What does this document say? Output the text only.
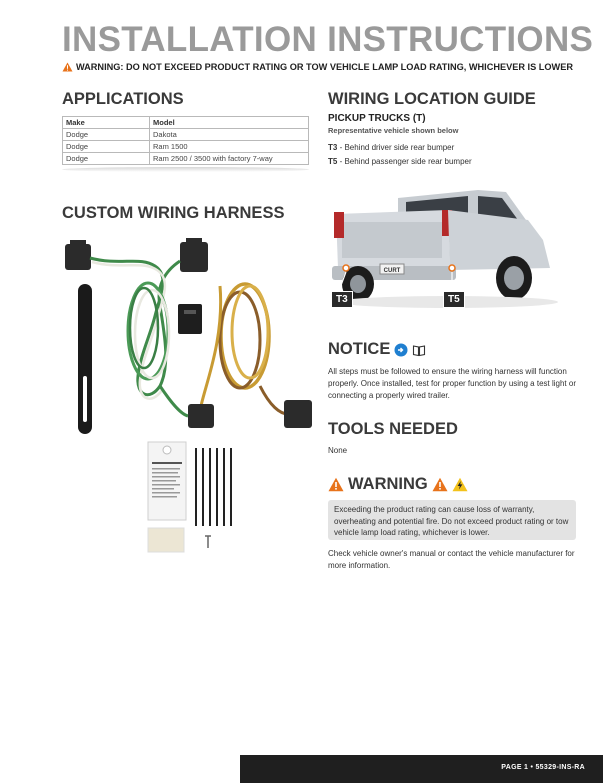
INSTALLATION INSTRUCTIONS
WARNING: DO NOT EXCEED PRODUCT RATING OR TOW VEHICLE LAMP LOAD RATING, WHICHEVER IS LOWER
APPLICATIONS
Make	Model
Dodge	Dakota
Dodge	Ram 1500
Dodge	Ram 2500 / 3500 with factory 7-way
CUSTOM WIRING HARNESS
WIRING LOCATION GUIDE
PICKUP TRUCKS (T)
Representative vehicle shown below
T3 - Behind driver side rear bumper
T5 - Behind passenger side rear bumper
CURT
T3	T5
NOTICE
All steps must be followed to ensure the wiring harness will function properly. Once installed, test for proper function by using a test light or connecting a properly wired trailer.
TOOLS NEEDED
None
WARNING
Exceeding the product rating can cause loss of warranty, overheating and potential fire. Do not exceed product rating or tow vehicle lamp load rating, whichever is lower.
Check vehicle owner's manual or contact the vehicle manufacturer for more information.
PAGE 1 • 55329-INS-RA
